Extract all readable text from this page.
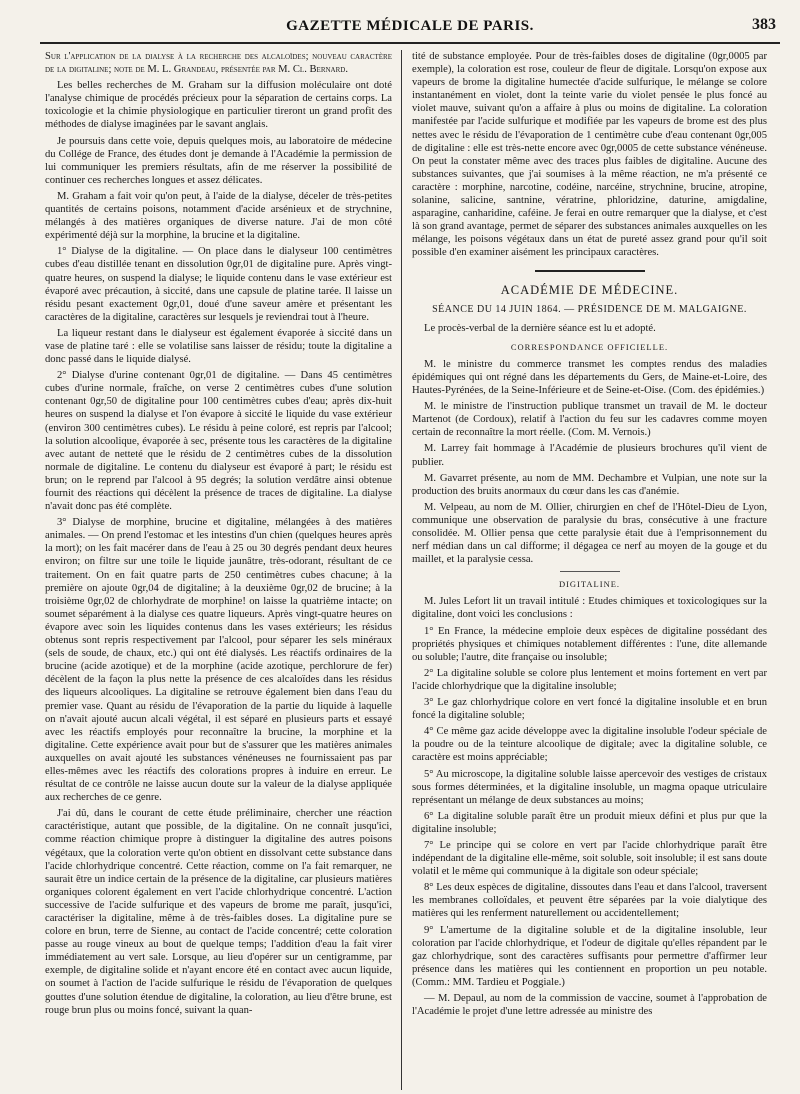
GAZETTE MÉDICALE DE PARIS.	383

Sur l'application de la dialyse à la recherche des alcaloïdes; nouveau caractère de la digitaline; note de M. L. Grandeau, présentée par M. Cl. Bernard.

Les belles recherches de M. Graham sur la diffusion moléculaire ont doté l'analyse chimique de procédés précieux pour la séparation de certains corps. La toxicologie et la chimie physiologique en particulier tireront un grand profit des méthodes de dialyse imaginées par le savant anglais.

Je poursuis dans cette voie, depuis quelques mois, au laboratoire de médecine du Collége de France, des études dont je demande à l'Académie la permission de lui communiquer les premiers résultats, afin de me réserver la possibilité de continuer ces recherches longues et assez délicates.

M. Graham a fait voir qu'on peut, à l'aide de la dialyse, déceler de très-petites quantités de certains poisons, notamment d'acide arsénieux et de strychnine, mélangés à des matières organiques de diverse nature. J'ai de mon côté expérimenté déjà sur la morphine, la brucine et la digitaline.

1° Dialyse de la digitaline. — On place dans le dialyseur 100 centimètres cubes d'eau distillée tenant en dissolution 0gr,01 de digitaline pure. Après vingt-quatre heures, on suspend la dialyse; le liquide contenu dans le vase extérieur est évaporé avec précaution, à siccité, dans une capsule de platine tarée. Il laisse un résidu pesant exactement 0gr,01, doué d'une saveur amère et présentant les caractères de la digitaline, caractères sur lesquels je reviendrai tout à l'heure.

La liqueur restant dans le dialyseur est également évaporée à siccité dans un vase de platine taré : elle se volatilise sans laisser de résidu; toute la digitaline a donc passé dans le liquide dialysé.

2° Dialyse d'urine contenant 0gr,01 de digitaline. — Dans 45 centimètres cubes d'urine normale, fraîche, on verse 2 centimètres cubes d'une solution contenant 0gr,50 de digitaline pour 100 centimètres cubes d'eau; après dix-huit heures on suspend la dialyse et l'on évapore à siccité le liquide du vase extérieur (environ 300 centimètres cubes). Le résidu à peine coloré, est repris par l'alcool; la solution alcoolique, évaporée à sec, présente tous les caractères de la digitaline avec autant de netteté que le résidu de 2 centimètres cubes de la dissolution normale de digitaline. Le contenu du dialyseur est évaporé à part; le résidu est brun; on le reprend par l'alcool à 95 degrés; la solution verdâtre ainsi obtenue fournit des réactions qui décèlent la présence de traces de digitaline. La dialyse n'avait donc pas été complète.

3° Dialyse de morphine, brucine et digitaline, mélangées à des matières animales. — On prend l'estomac et les intestins d'un chien (quelques heures après la mort); on les fait macérer dans de l'eau à 25 ou 30 degrés pendant deux heures environ; on filtre sur une toile le liquide jaunâtre, très-odorant, résultant de ce traitement. On en fait quatre parts de 250 centimètres cubes chacune; à la première on ajoute 0gr,04 de digitaline; à la deuxième 0gr,02 de brucine; à la troisième 0gr,02 de chlorhydrate de morphine! on laisse la quatrième intacte; on soumet séparément à la dialyse ces quatre liqueurs. Après vingt-quatre heures on évapore avec soin les liquides contenus dans les vases extérieurs; les résidus obtenus sont repris respectivement par l'alcool, pour séparer les sels minéraux (sels de soude, de chaux, etc.) qui ont été dialysés. Les réactifs ordinaires de la brucine (acide azotique) et de la morphine (acide azotique, perchlorure de fer) décèlent de la façon la plus nette la présence de ces alcaloïdes dans les résidus des liqueurs alcooliques. La digitaline se retrouve également bien dans l'eau du premier vase. Quant au résidu de l'évaporation de la partie du liquide à laquelle on n'avait ajouté aucun alcali végétal, il est séparé en plusieurs parts et essayé avec les réactifs employés pour reconnaître la brucine, la morphine et la digitaline. Cette expérience avait pour but de s'assurer que les matières animales auxquelles on avait ajouté les substances vénéneuses ne fournissaient pas par elles-mêmes avec les réactifs des colorations propres à induire en erreur. Le résultat de ce contrôle ne laisse aucun doute sur la valeur de la dialyse appliquée aux recherches de ce genre.

J'ai dû, dans le courant de cette étude préliminaire, chercher une réaction caractéristique, autant que possible, de la digitaline. On ne connaît jusqu'ici, comme réaction chimique propre à distinguer la digitaline des autres poisons végétaux, que la coloration verte qu'on obtient en dissolvant cette substance dans l'acide chlorhydrique concentré. Cette réaction, comme on l'a fait remarquer, ne saurait être un indice certain de la présence de la digitaline, car plusieurs matières organiques colorent également en vert l'acide chlorhydrique concentré. L'action successive de l'acide sulfurique et des vapeurs de brome me paraît, jusqu'ici, caractériser la digitaline, même à de très-faibles doses. La digitaline pure se colore en brun, terre de Sienne, au contact de l'acide concentré; cette coloration passe au rouge vineux au bout de quelque temps; l'addition d'eau la fait virer immédiatement au vert sale. Lorsque, au lieu d'opérer sur un centigramme, par exemple, de digitaline solide et n'ayant encore été en contact avec aucun liquide, on soumet à l'action de l'acide sulfurique le résidu de l'évaporation de quelques gouttes d'une solution étendue de digitaline, la coloration, au lieu d'être brune, est rouge brun plus ou moins foncé, suivant la quan-

tité de substance employée. Pour de très-faibles doses de digitaline (0gr,0005 par exemple), la coloration est rose, couleur de fleur de digitale. Lorsqu'on expose aux vapeurs de brome la digitaline humectée d'acide sulfurique, le mélange se colore instantanément en violet, dont la teinte varie du violet pensée le plus foncé au violet mauve, suivant qu'on a affaire à plus ou moins de digitaline. La coloration manifestée par l'acide sulfurique et modifiée par les vapeurs de brome est des plus nettes avec le résidu de l'évaporation de 1 centimètre cube d'eau contenant 0gr,005 de digitaline : elle est très-nette encore avec 0gr,0005 de cette substance vénéneuse. On peut la constater même avec des traces plus faibles de digitaline. Aucune des substances suivantes, que j'ai soumises à la même réaction, ne m'a présenté ce caractère : morphine, narcotine, codéine, narcéine, strychnine, brucine, atropine, solanine, salicine, santnine, vératrine, phloridzine, daturine, amigdaline, asparagine, canharidine, caféine. Je ferai en outre remarquer que la dialyse, et c'est là son grand avantage, permet de séparer des substances animales auxquelles on les mélange, les poisons végétaux dans un état de pureté assez grand pour qu'il soit possible d'en examiner aisément les principaux caractères.

ACADÉMIE DE MÉDECINE.
SÉANCE DU 14 JUIN 1864. — PRÉSIDENCE DE M. MALGAIGNE.

Le procès-verbal de la dernière séance est lu et adopté.

CORRESPONDANCE OFFICIELLE.

M. le ministre du commerce transmet les comptes rendus des maladies épidémiques qui ont régné dans les départements du Gers, de Maine-et-Loire, des Hautes-Pyrénées, de la Seine-Inférieure et de Seine-et-Oise. (Com. des épidémies.)

M. le ministre de l'instruction publique transmet un travail de M. le docteur Martenot (de Cordoux), relatif à l'action du feu sur les cadavres comme moyen certain de reconnaître la mort réelle. (Com. M. Vernois.)

M. Larrey fait hommage à l'Académie de plusieurs brochures qu'il vient de publier.

M. Gavarret présente, au nom de MM. Dechambre et Vulpian, une note sur la production des bruits anormaux du cœur dans les cas d'anémie.

M. Velpeau, au nom de M. Ollier, chirurgien en chef de l'Hôtel-Dieu de Lyon, communique une observation de paralysie du bras, consécutive à une fracture consolidée. M. Ollier pensa que cette paralysie était due à l'emprisonnement du nerf médian dans un cal difforme; il dégagea ce nerf au moyen de la gouge et du maillet, et la paralysie cessa.

DIGITALINE.

M. Jules Lefort lit un travail intitulé : Etudes chimiques et toxicologiques sur la digitaline, dont voici les conclusions :

1° En France, la médecine emploie deux espèces de digitaline possédant des propriétés physiques et chimiques notablement différentes : l'une, dite allemande ou soluble; l'autre, dite française ou insoluble;

2° La digitaline soluble se colore plus lentement et moins fortement en vert par l'acide chlorhydrique que la digitaline insoluble;

3° Le gaz chlorhydrique colore en vert foncé la digitaline insoluble et en brun foncé la digitaline soluble;

4° Ce même gaz acide développe avec la digitaline insoluble l'odeur spéciale de la poudre ou de la teinture alcoolique de digitale; avec la digitaline soluble, ce caractère est moins appréciable;

5° Au microscope, la digitaline soluble laisse apercevoir des vestiges de cristaux sous formes déterminées, et la digitaline insoluble, un magma opaque utriculaire représentant un mélange de deux substances au moins;

6° La digitaline soluble paraît être un produit mieux défini et plus pur que la digitaline insoluble;

7° Le principe qui se colore en vert par l'acide chlorhydrique paraît être indépendant de la digitaline elle-même, soit soluble, soit insoluble; il est sans doute volatil et le même qui communique à la digitale son odeur spéciale;

8° Les deux espèces de digitaline, dissoutes dans l'eau et dans l'alcool, traversent les membranes colloïdales, et peuvent être séparées par la voie dialytique des matières qui les renferment naturellement ou accidentellement;

9° L'amertume de la digitaline soluble et de la digitaline insoluble, leur coloration par l'acide chlorhydrique, et l'odeur de digitale qu'elles répandent par le gaz chlorhydrique, sont des caractères suffisants pour permettre d'affirmer leur présence dans les matières qui les contiennent en proportion un peu notable. (Comm.: MM. Tardieu et Poggiale.)

— M. Depaul, au nom de la commission de vaccine, soumet à l'approbation de l'Académie le projet d'une lettre adressée au ministre des
